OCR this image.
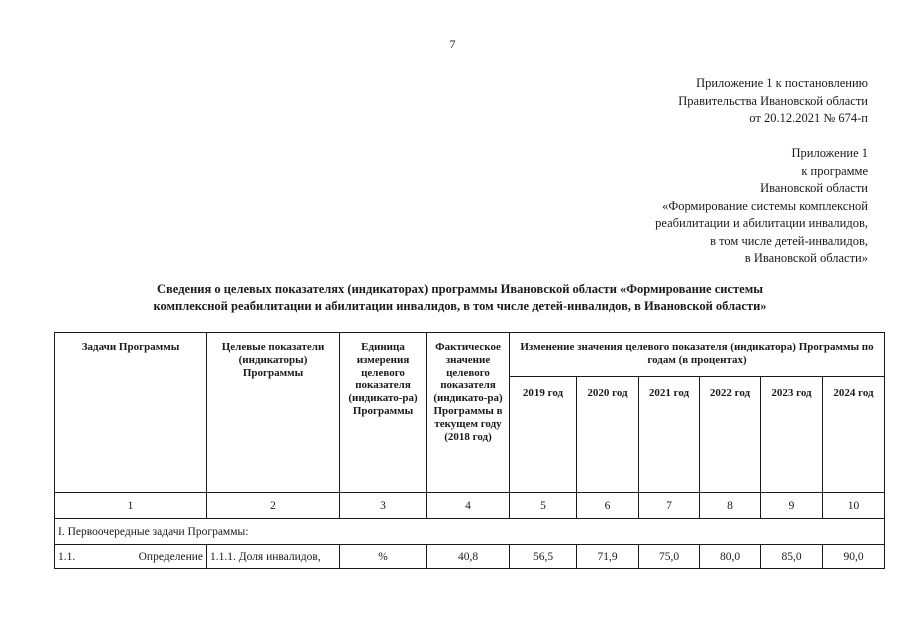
7
Приложение 1 к постановлению
Правительства Ивановской области
от 20.12.2021 № 674-п
Приложение 1
к программе
Ивановской области
«Формирование системы комплексной
реабилитации и абилитации инвалидов,
в том числе детей-инвалидов,
в Ивановской области»
Сведения о целевых показателях (индикаторах) программы Ивановской области «Формирование системы
комплексной реабилитации и абилитации инвалидов, в том числе детей-инвалидов, в Ивановской области»
Задачи Программы	Целевые показатели (индикаторы) Программы	Единица измерения целевого показателя (индикато-ра) Программы	Фактическое значение целевого показателя (индикато-ра) Программы в текущем году (2018 год)	Изменение значения целевого показателя (индикатора) Программы по годам (в процентах)					
				2019 год	2020 год	2021 год	2022 год	2023 год	2024 год
1	2	3	4	5	6	7	8	9	10
I. Первоочередные задачи Программы:									

1.1. Определение	1.1.1. Доля инвалидов,	%	40,8	56,5	71,9	75,0	80,0	85,0	90,0
